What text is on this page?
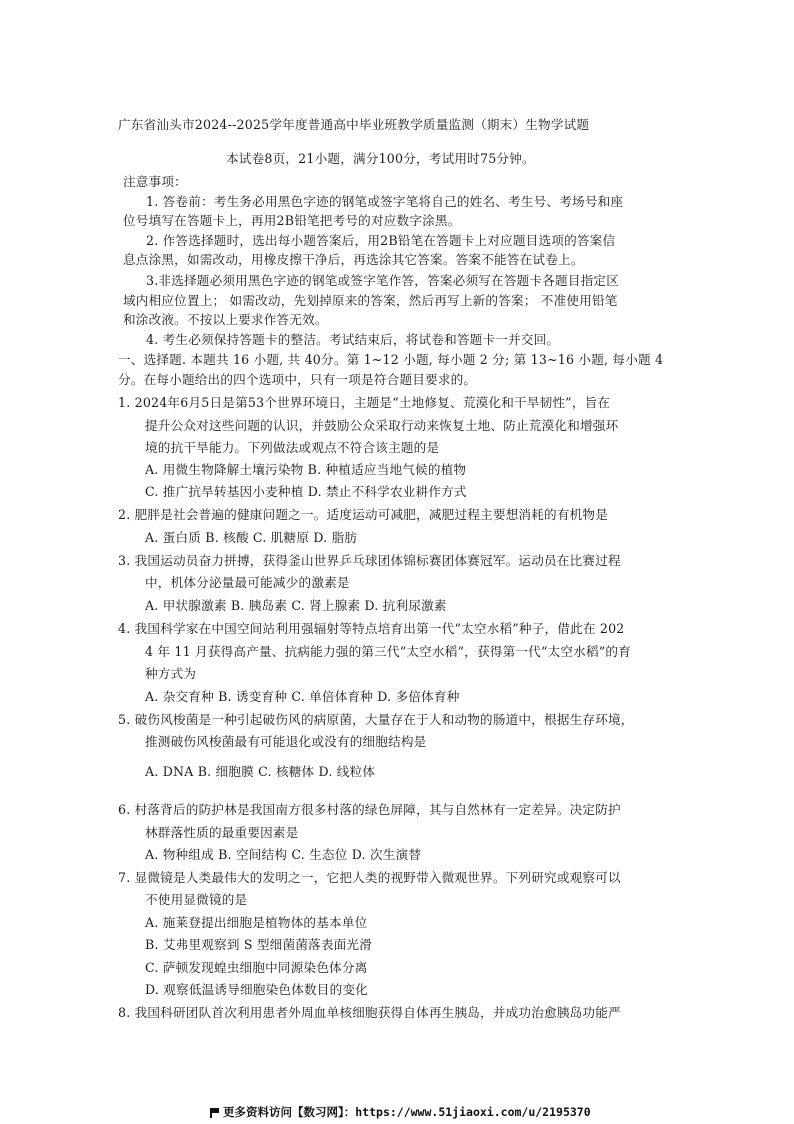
广东省汕头市2024--2025学年度普通高中毕业班教学质量监测（期末）生物学试题
本试卷8页，21小题，满分100分，考试用时75分钟。
注意事项：
1. 答卷前：考生务必用黑色字迹的钢笔或签字笔将自己的姓名、考生号、考场号和座
位号填写在答题卡上，再用2B铅笔把考号的对应数字涂黑。
2. 作答选择题时，选出每小题答案后，用2B铅笔在答题卡上对应题目选项的答案信
息点涂黑，如需改动，用橡皮擦干净后，再选涂其它答案。答案不能答在试卷上。
3.非选择题必须用黑色字迹的钢笔或签字笔作答，答案必须写在答题卡各题目指定区
域内相应位置上； 如需改动，先划掉原来的答案，然后再写上新的答案； 不准使用铅笔
和涂改液。不按以上要求作答无效。
4. 考生必须保持答题卡的整洁。考试结束后，将试卷和答题卡一并交回。
一、选择题. 本题共 16 小题, 共 40分。第 1~12 小题, 每小题 2 分; 第 13~16 小题, 每小题 4
分。在每小题给出的四个选项中，只有一项是符合题目要求的。
1. 2024年6月5日是第53个世界环境日，主题是“土地修复、荒漠化和干旱韧性”，旨在
提升公众对这些问题的认识，并鼓励公众采取行动来恢复土地、防止荒漠化和增强环
境的抗干旱能力。下列做法或观点不符合该主题的是
A. 用微生物降解土壤污染物 B. 种植适应当地气候的植物
C. 推广抗旱转基因小麦种植 D. 禁止不科学农业耕作方式
2. 肥胖是社会普遍的健康问题之一。适度运动可减肥，减肥过程主要想消耗的有机物是
A. 蛋白质 B. 核酸 C. 肌糖原 D. 脂肪
3. 我国运动员奋力拼搏，获得釜山世界乒乓球团体锦标赛团体赛冠军。运动员在比赛过程
中，机体分泌量最可能减少的激素是
A. 甲状腺激素 B. 胰岛素 C. 肾上腺素 D. 抗利尿激素
4. 我国科学家在中国空间站利用强辐射等特点培育出第一代“太空水稻”种子，借此在 202
4 年 11 月获得高产量、抗病能力强的第三代“太空水稻”，获得第一代“太空水稻”的育
种方式为
A. 杂交育种 B. 诱变育种 C. 单倍体育种 D. 多倍体育种
5. 破伤风梭菌是一种引起破伤风的病原菌，大量存在于人和动物的肠道中，根据生存环境，
推测破伤风梭菌最有可能退化或没有的细胞结构是
A. DNA B. 细胞膜 C. 核糖体 D. 线粒体
6. 村落背后的防护林是我国南方很多村落的绿色屏障，其与自然林有一定差异。决定防护
林群落性质的最重要因素是
A. 物种组成 B. 空间结构 C. 生态位 D. 次生演替
7. 显微镜是人类最伟大的发明之一，它把人类的视野带入微观世界。下列研究或观察可以
不使用显微镜的是
A. 施莱登提出细胞是植物体的基本单位
B. 艾弗里观察到 S 型细菌菌落表面光滑
C. 萨顿发现蝗虫细胞中同源染色体分离
D. 观察低温诱导细胞染色体数目的变化
8. 我国科研团队首次利用患者外周血单核细胞获得自体再生胰岛，并成功治愈胰岛功能严
更多资料访问【数习网】：https://www.51jiaoxi.com/u/2195370
